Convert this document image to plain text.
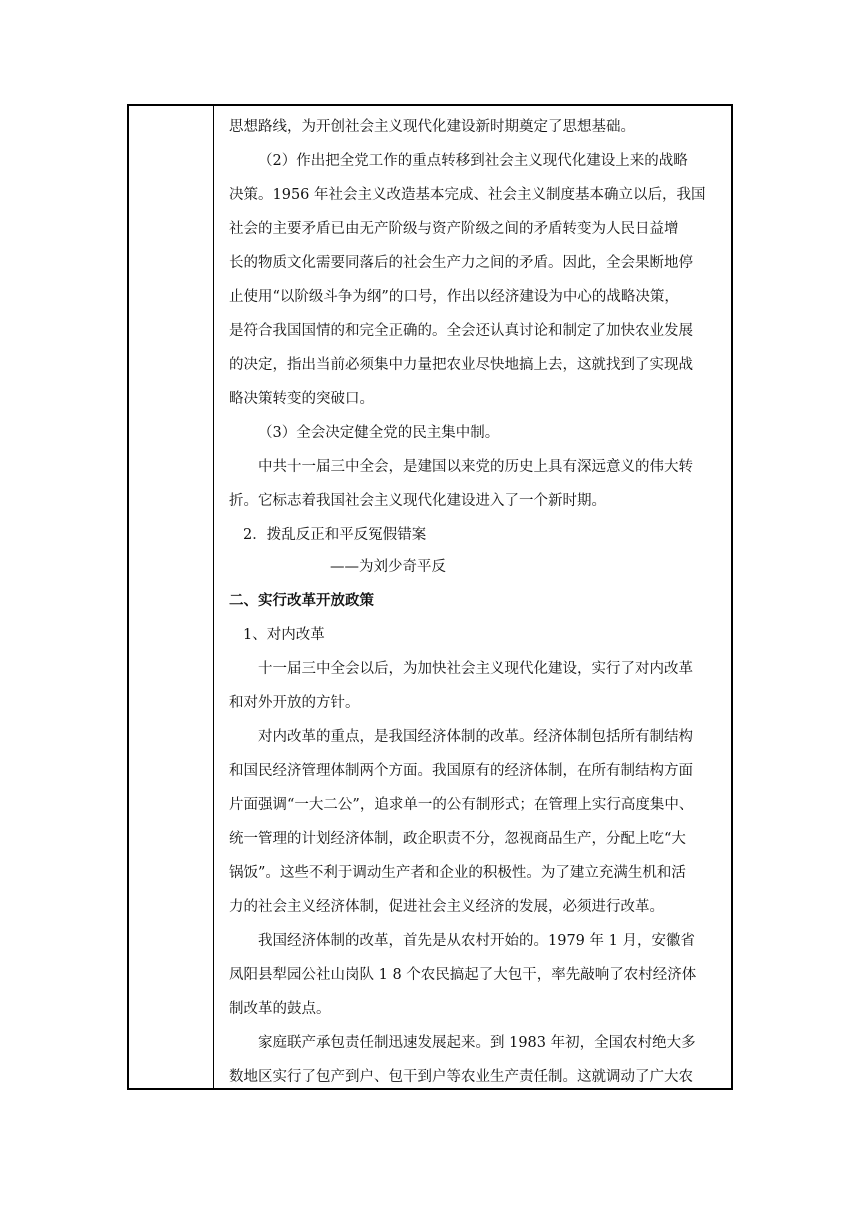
思想路线，为开创社会主义现代化建设新时期奠定了思想基础。
（2）作出把全党工作的重点转移到社会主义现代化建设上来的战略
决策。1956 年社会主义改造基本完成、社会主义制度基本确立以后，我国
社会的主要矛盾已由无产阶级与资产阶级之间的矛盾转变为人民日益增
长的物质文化需要同落后的社会生产力之间的矛盾。因此，全会果断地停
止使用“以阶级斗争为纲”的口号，作出以经济建设为中心的战略决策，
是符合我国国情的和完全正确的。全会还认真讨论和制定了加快农业发展
的决定，指出当前必须集中力量把农业尽快地搞上去，这就找到了实现战
略决策转变的突破口。
（3）全会决定健全党的民主集中制。
中共十一届三中全会，是建国以来党的历史上具有深远意义的伟大转
折。它标志着我国社会主义现代化建设进入了一个新时期。
2．拨乱反正和平反冤假错案
——为刘少奇平反
二、实行改革开放政策
1、对内改革
十一届三中全会以后，为加快社会主义现代化建设，实行了对内改革
和对外开放的方针。
对内改革的重点，是我国经济体制的改革。经济体制包括所有制结构
和国民经济管理体制两个方面。我国原有的经济体制，在所有制结构方面
片面强调“一大二公”，追求单一的公有制形式；在管理上实行高度集中、
统一管理的计划经济体制，政企职责不分，忽视商品生产，分配上吃“大
锅饭”。这些不利于调动生产者和企业的积极性。为了建立充满生机和活
力的社会主义经济体制，促进社会主义经济的发展，必须进行改革。
我国经济体制的改革，首先是从农村开始的。1979 年 1 月，安徽省
凤阳县犁园公社山岗队 1 8 个农民搞起了大包干，率先敲响了农村经济体
制改革的鼓点。
家庭联产承包责任制迅速发展起来。到 1983 年初，全国农村绝大多
数地区实行了包产到户、包干到户等农业生产责任制。这就调动了广大农
